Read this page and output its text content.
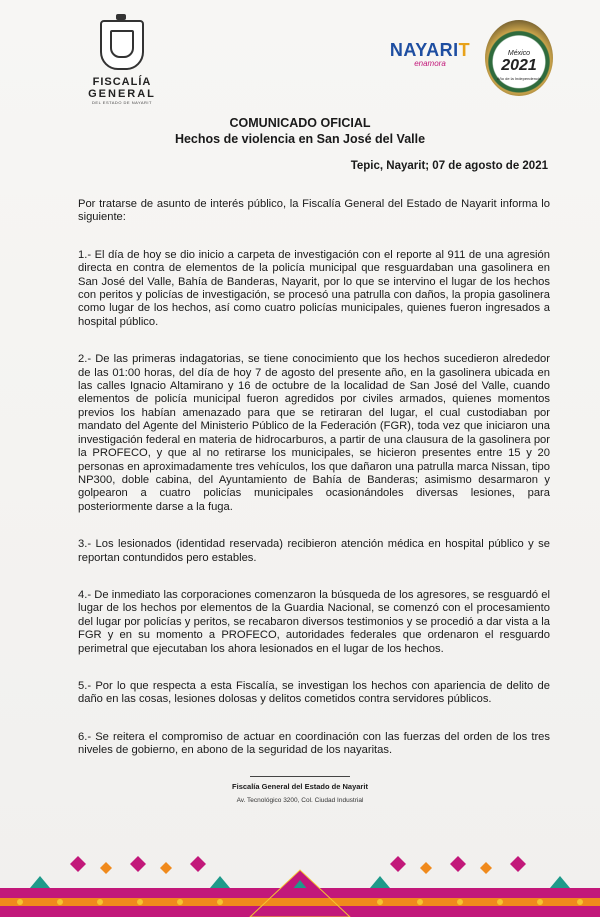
FISCALÍA
GENERAL
DEL ESTADO DE NAYARIT
NAYARIT
enamora
México
2021
Año de la Independencia
COMUNICADO OFICIAL
Hechos de violencia en San José del Valle
Tepic, Nayarit; 07 de agosto de 2021

Por tratarse de asunto de interés público, la Fiscalía General del Estado de Nayarit informa lo siguiente:

1.- El día de hoy se dio inicio a carpeta de investigación con el reporte al 911 de una agresión directa en contra de elementos de la policía municipal que resguardaban una gasolinera en San José del Valle, Bahía de Banderas, Nayarit, por lo que se intervino el lugar de los hechos con peritos y policías de investigación, se procesó una patrulla con daños, la propia gasolinera como lugar de los hechos, así como cuatro policías municipales, quienes fueron ingresados a hospital público.

2.- De las primeras indagatorias, se tiene conocimiento que los hechos sucedieron alrededor de las 01:00 horas, del día de hoy 7 de agosto del presente año, en la gasolinera ubicada en las calles Ignacio Altamirano y 16 de octubre de la localidad de San José del Valle, cuando elementos de policía municipal fueron agredidos por civiles armados, quienes momentos previos los habían amenazado para que se retiraran del lugar, el cual custodiaban por mandato del Agente del Ministerio Público de la Federación (FGR), toda vez que iniciaron una investigación federal en materia de hidrocarburos, a partir de una clausura de la gasolinera por la PROFECO, y que al no retirarse los municipales, se hicieron presentes entre 15 y 20 personas en aproximadamente tres vehículos, los que dañaron una patrulla marca Nissan, tipo NP300, doble cabina, del Ayuntamiento de Bahía de Banderas; asimismo desarmaron y golpearon a cuatro policías municipales ocasionándoles diversas lesiones, para posteriormente darse a la fuga.

3.- Los lesionados (identidad reservada) recibieron atención médica en hospital público y se reportan contundidos pero estables.

4.- De inmediato las corporaciones comenzaron la búsqueda de los agresores, se resguardó el lugar de los hechos por elementos de la Guardia Nacional, se comenzó con el procesamiento del lugar por policías y peritos, se recabaron diversos testimonios y se procedió a dar vista a la FGR y en su momento a PROFECO, autoridades federales que ordenaron el resguardo perimetral que ejecutaban los ahora lesionados en el lugar de los hechos.

5.- Por lo que respecta a esta Fiscalía, se investigan los hechos con apariencia de delito de daño en las cosas, lesiones dolosas y delitos cometidos contra servidores públicos.

6.- Se reitera el compromiso de actuar en coordinación con las fuerzas del orden de los tres niveles de gobierno, en abono de la seguridad de los nayaritas.

Fiscalía General del Estado de Nayarit
Av. Tecnológico 3200, Col. Ciudad Industrial
